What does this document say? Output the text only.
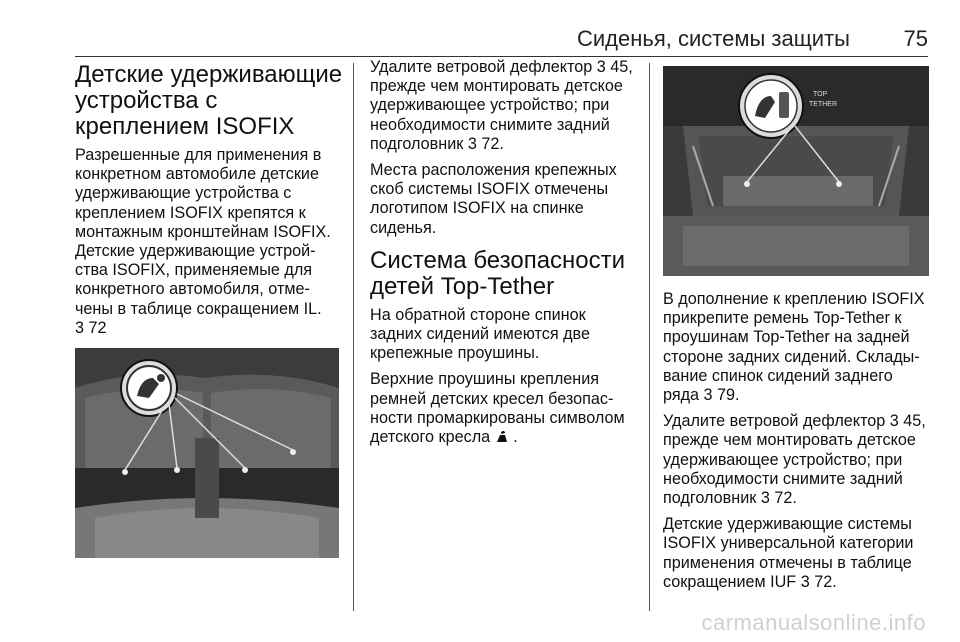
Сиденья, системы защиты 75
Детские удерживающие устройства с креплением ISOFIX

Разрешенные для применения в конкретном автомобиле детские удерживающие устройства с креплением ISOFIX крепятся к монтажным кронштейнам ISOFIX. Детские удерживающие устрой-ства ISOFIX, применяемые для конкретного автомобиля, отме-чены в таблице сокращением IL.
3 72

Удалите ветровой дефлектор 3 45, прежде чем монтировать детское удерживающее устройство; при необходимости снимите задний подголовник 3 72.

Места расположения крепежных скоб системы ISOFIX отмечены логотипом ISOFIX на спинке сиденья.

Система безопасности детей Top-Tether

На обратной стороне спинок задних сидений имеются две крепежные проушины.

Верхние проушины крепления ремней детских кресел безопас-ности промаркированы символом детского кресла .

TOP
TETHER

В дополнение к креплению ISOFIX прикрепите ремень Top-Tether к проушинам Top-Tether на задней стороне задних сидений. Склады-вание спинок сидений заднего ряда 3 79.

Удалите ветровой дефлектор 3 45, прежде чем монтировать детское удерживающее устройство; при необходимости снимите задний подголовник 3 72.

Детские удерживающие системы ISOFIX универсальной категории применения отмечены в таблице сокращением IUF 3 72.

carmanualsonline.info
